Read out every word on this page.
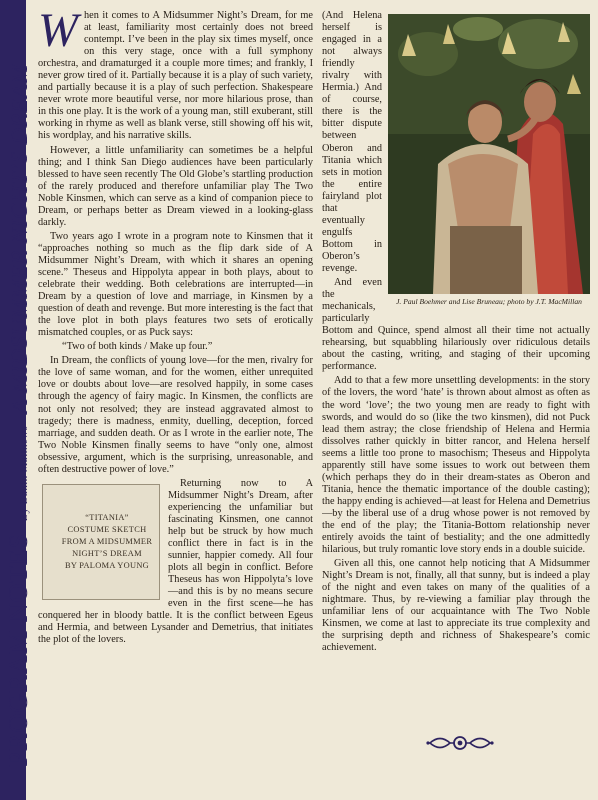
PROGRAM NOTES
By Dakin Matthews
A MIDSUMMER NIGHT’S DREAM

When it comes to A Midsummer Night’s Dream, for me at least, familiarity most certainly does not breed contempt. I’ve been in the play six times myself, once on this very stage, once with a full symphony orchestra, and dramaturged it a couple more times; and frankly, I never grow tired of it. Partially because it is a play of such variety, and partially because it is a play of such perfection. Shakespeare never wrote more beautiful verse, nor more hilarious prose, than in this one play. It is the work of a young man, still exuberant, still working in rhyme as well as blank verse, still showing off his wit, his wordplay, and his narrative skills.

However, a little unfamiliarity can sometimes be a helpful thing; and I think San Diego audiences have been particularly blessed to have seen recently The Old Globe’s startling production of the rarely produced and therefore unfamiliar play The Two Noble Kinsmen, which can serve as a kind of companion piece to Dream, or perhaps better as Dream viewed in a looking-glass darkly.

Two years ago I wrote in a program note to Kinsmen that it “approaches nothing so much as the flip dark side of A Midsummer Night’s Dream, with which it shares an opening scene.” Theseus and Hippolyta appear in both plays, about to celebrate their wedding. Both celebrations are interrupted—in Dream by a question of love and marriage, in Kinsmen by a question of death and revenge. But more interesting is the fact that the love plot in both plays features two sets of erotically mismatched couples, or as Puck says:

“Two of both kinds / Make up four.”

In Dream, the conflicts of young love—for the men, rivalry for the love of same woman, and for the women, either unrequited love or doubts about love—are resolved happily, in some cases through the agency of fairy magic. In Kinsmen, the conflicts are not only not resolved; they are instead aggravated almost to tragedy; there is madness, enmity, duelling, deception, forced marriage, and sudden death. Or as I wrote in the earlier note, The Two Noble Kinsmen finally seems to have “only one, almost obsessive, argument, which is the surprising, unreasonable, and often destructive power of love.”

“TITANIA”
COSTUME SKETCH
FROM A MIDSUMMER
NIGHT’S DREAM
BY PALOMA YOUNG
Returning now to A Midsummer Night’s Dream, after experiencing the unfamiliar but fascinating Kinsmen, one cannot help but be struck by how much conflict there in fact is in the sunnier, happier comedy. All four plots all begin in conflict. Before Theseus has won Hippolyta’s love—and this is by no means secure even in the first scene—he has conquered her in bloody battle. It is the conflict between Egeus and Hermia, and between Lysander and Demetrius, that initiates the plot of the lovers.

J. Paul Boehmer and Lise Bruneau; photo by J.T. MacMillan

(And Helena herself is engaged in a not always friendly rivalry with Hermia.) And of course, there is the bitter dispute between Oberon and Titania which sets in motion the entire fairyland plot that eventually engulfs Bottom in Oberon’s revenge.

And even the mechanicals, particularly Bottom and Quince, spend almost all their time not actually rehearsing, but squabbling hilariously over ridiculous details about the casting, writing, and staging of their upcoming performance.

Add to that a few more unsettling developments: in the story of the lovers, the word ‘hate’ is thrown about almost as often as the word ‘love’; the two young men are ready to fight with swords, and would do so (like the two kinsmen), did not Puck lead them astray; the close friendship of Helena and Hermia dissolves rather quickly in bitter rancor, and Helena herself seems a little too prone to masochism; Theseus and Hippolyta apparently still have some issues to work out between them (which perhaps they do in their dream-states as Oberon and Titania, hence the thematic importance of the double casting); the happy ending is achieved—at least for Helena and Demetrius—by the liberal use of a drug whose power is not removed by the end of the play; the Titania-Bottom relationship never entirely avoids the taint of bestiality; and the one admittedly hilarious, but truly romantic love story ends in a double suicide.

Given all this, one cannot help noticing that A Midsummer Night’s Dream is not, finally, all that sunny, but is indeed a play of the night and even takes on many of the qualities of a nightmare. Thus, by re-viewing a familiar play through the unfamiliar lens of our acquaintance with The Two Noble Kinsmen, we come at last to appreciate its true complexity and the surprising depth and richness of Shakespeare’s comic achievement.
